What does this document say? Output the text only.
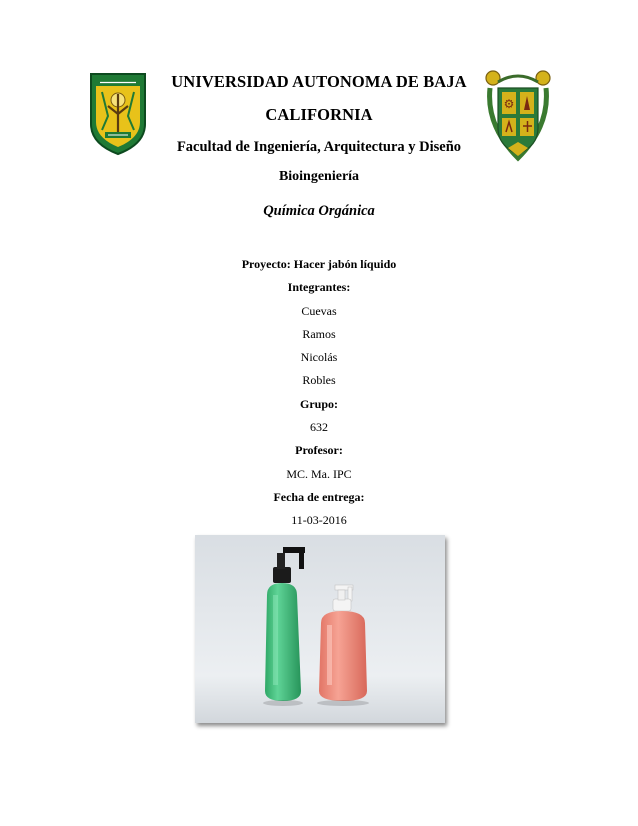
⚙
UNIVERSIDAD AUTONOMA DE BAJA
CALIFORNIA
Facultad de Ingeniería, Arquitectura y Diseño
Bioingeniería
Química Orgánica
Proyecto: Hacer jabón líquido
Integrantes:
Cuevas
Ramos
Nicolás
Robles
Grupo:
632
Profesor:
MC. Ma. IPC
Fecha de entrega:
11-03-2016
